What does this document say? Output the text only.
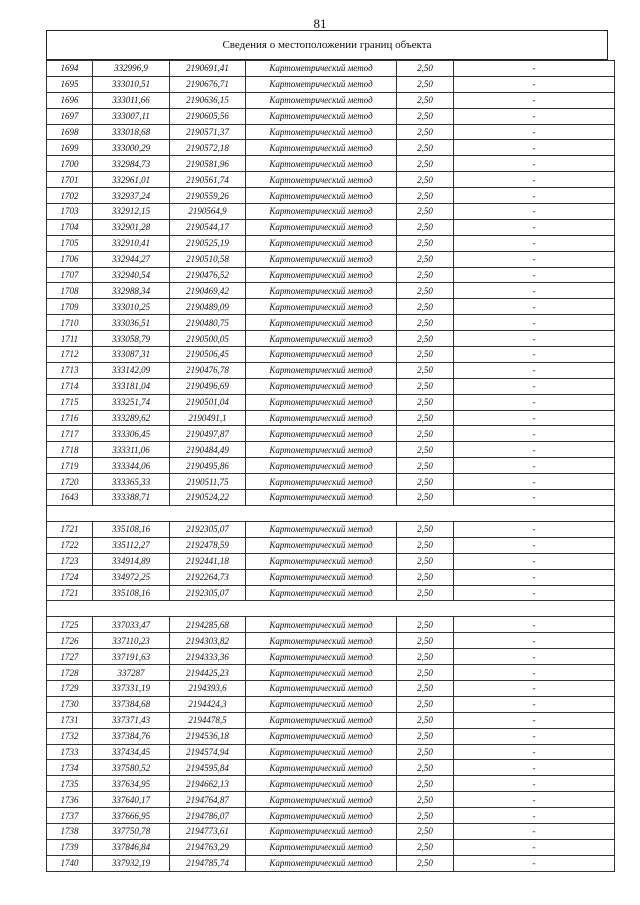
81
Сведения о местоположении границ объекта
1694	332996,9	2190691,41	Картометрический метод	2,50	-
1695	333010,51	2190676,71	Картометрический метод	2,50	-
1696	333011,66	2190636,15	Картометрический метод	2,50	-
1697	333007,11	2190605,56	Картометрический метод	2,50	-
1698	333018,68	2190571,37	Картометрический метод	2,50	-
1699	333000,29	2190572,18	Картометрический метод	2,50	-
1700	332984,73	2190581,96	Картометрический метод	2,50	-
1701	332961,01	2190561,74	Картометрический метод	2,50	-
1702	332937,24	2190559,26	Картометрический метод	2,50	-
1703	332912,15	2190564,9	Картометрический метод	2,50	-
1704	332901,28	2190544,17	Картометрический метод	2,50	-
1705	332910,41	2190525,19	Картометрический метод	2,50	-
1706	332944,27	2190510,58	Картометрический метод	2,50	-
1707	332940,54	2190476,52	Картометрический метод	2,50	-
1708	332988,34	2190469,42	Картометрический метод	2,50	-
1709	333010,25	2190489,09	Картометрический метод	2,50	-
1710	333036,51	2190480,75	Картометрический метод	2,50	-
1711	333058,79	2190500,05	Картометрический метод	2,50	-
1712	333087,31	2190506,45	Картометрический метод	2,50	-
1713	333142,09	2190476,78	Картометрический метод	2,50	-
1714	333181,04	2190496,69	Картометрический метод	2,50	-
1715	333251,74	2190501,04	Картометрический метод	2,50	-
1716	333289,62	2190491,1	Картометрический метод	2,50	-
1717	333306,45	2190497,87	Картометрический метод	2,50	-
1718	333311,06	2190484,49	Картометрический метод	2,50	-
1719	333344,06	2190495,86	Картометрический метод	2,50	-
1720	333365,33	2190511,75	Картометрический метод	2,50	-
1643	333388,71	2190524,22	Картометрический метод	2,50	-

1721	335108,16	2192305,07	Картометрический метод	2,50	-
1722	335112,27	2192478,59	Картометрический метод	2,50	-
1723	334914,89	2192441,18	Картометрический метод	2,50	-
1724	334972,25	2192264,73	Картометрический метод	2,50	-
1721	335108,16	2192305,07	Картометрический метод	2,50	-

1725	337033,47	2194285,68	Картометрический метод	2,50	-
1726	337110,23	2194303,82	Картометрический метод	2,50	-
1727	337191,63	2194333,36	Картометрический метод	2,50	-
1728	337287	2194425,23	Картометрический метод	2,50	-
1729	337331,19	2194393,6	Картометрический метод	2,50	-
1730	337384,68	2194424,3	Картометрический метод	2,50	-
1731	337371,43	2194478,5	Картометрический метод	2,50	-
1732	337384,76	2194536,18	Картометрический метод	2,50	-
1733	337434,45	2194574,94	Картометрический метод	2,50	-
1734	337580,52	2194595,84	Картометрический метод	2,50	-
1735	337634,95	2194662,13	Картометрический метод	2,50	-
1736	337640,17	2194764,87	Картометрический метод	2,50	-
1737	337666,95	2194786,07	Картометрический метод	2,50	-
1738	337750,78	2194773,61	Картометрический метод	2,50	-
1739	337846,84	2194763,29	Картометрический метод	2,50	-
1740	337932,19	2194785,74	Картометрический метод	2,50	-
